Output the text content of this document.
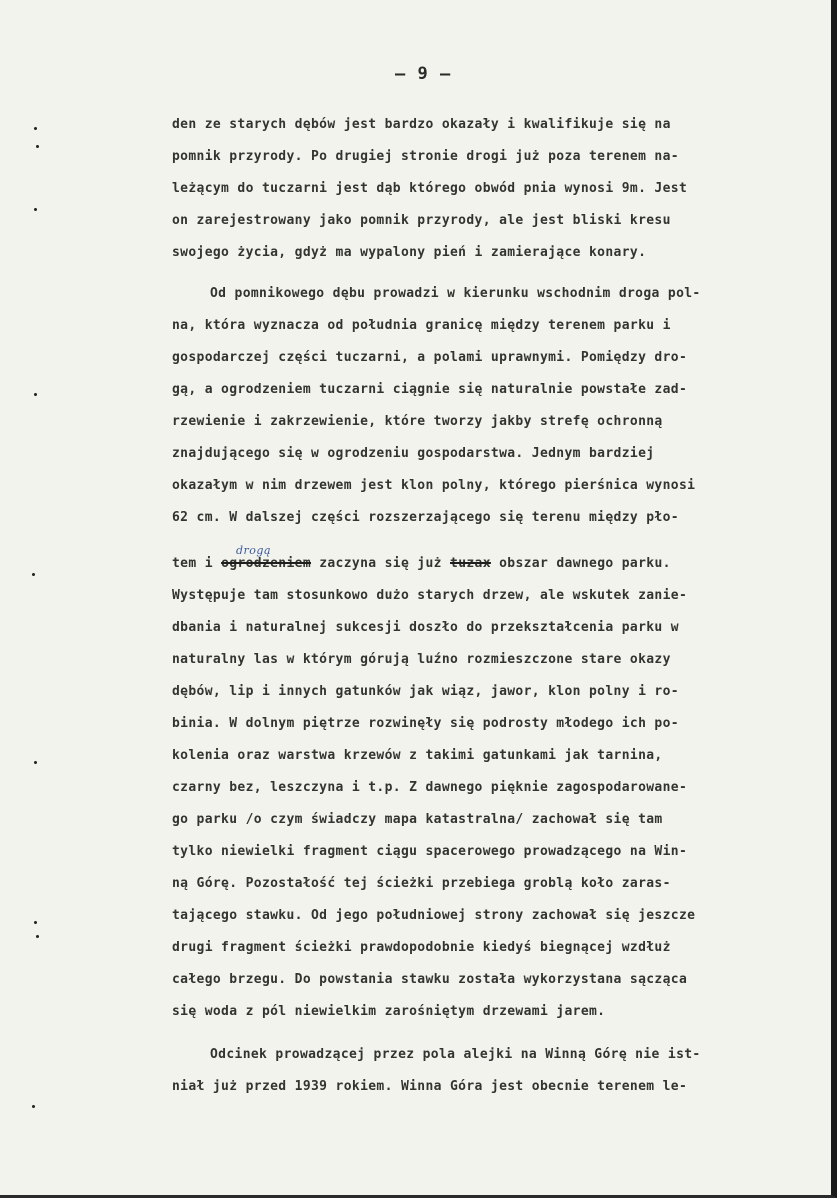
– 9 –
den ze starych dębów jest bardzo okazały i kwalifikuje się na
pomnik przyrody. Po drugiej stronie drogi już poza terenem na-
leżącym do tuczarni jest dąb którego obwód pnia wynosi 9m. Jest
on zarejestrowany jako pomnik przyrody, ale jest bliski kresu
swojego życia, gdyż ma wypalony pień i zamierające konary.
Od pomnikowego dębu prowadzi w kierunku wschodnim droga pol-
na, która wyznacza od południa granicę między terenem parku i
gospodarczej części tuczarni, a polami uprawnymi. Pomiędzy dro-
gą, a ogrodzeniem tuczarni ciągnie się naturalnie powstałe zad-
rzewienie i zakrzewienie, które tworzy jakby strefę ochronną
znajdującego się w ogrodzeniu gospodarstwa. Jednym bardziej
okazałym w nim drzewem jest klon polny, którego pierśnica wynosi
62 cm. W dalszej części rozszerzającego się terenu między pło-
drogą
tem i ogrodzeniem zaczyna się już tuzax obszar dawnego parku.
Występuje tam stosunkowo dużo starych drzew, ale wskutek zanie-
dbania i naturalnej sukcesji doszło do przekształcenia parku w
naturalny las w którym górują luźno rozmieszczone stare okazy
dębów, lip i innych gatunków jak wiąz, jawor, klon polny i ro-
binia. W dolnym piętrze rozwinęły się podrosty młodego ich po-
kolenia oraz warstwa krzewów z takimi gatunkami jak tarnina,
czarny bez, leszczyna i t.p. Z dawnego pięknie zagospodarowane-
go parku /o czym świadczy mapa katastralna/ zachował się tam
tylko niewielki fragment ciągu spacerowego prowadzącego na Win-
ną Górę. Pozostałość tej ścieżki przebiega groblą koło zaras-
tającego stawku. Od jego południowej strony zachował się jeszcze
drugi fragment ścieżki prawdopodobnie kiedyś biegnącej wzdłuż
całego brzegu. Do powstania stawku została wykorzystana sącząca
się woda z pól niewielkim zarośniętym drzewami jarem.
Odcinek prowadzącej przez pola alejki na Winną Górę nie ist-
niał już przed 1939 rokiem. Winna Góra jest obecnie terenem le-
